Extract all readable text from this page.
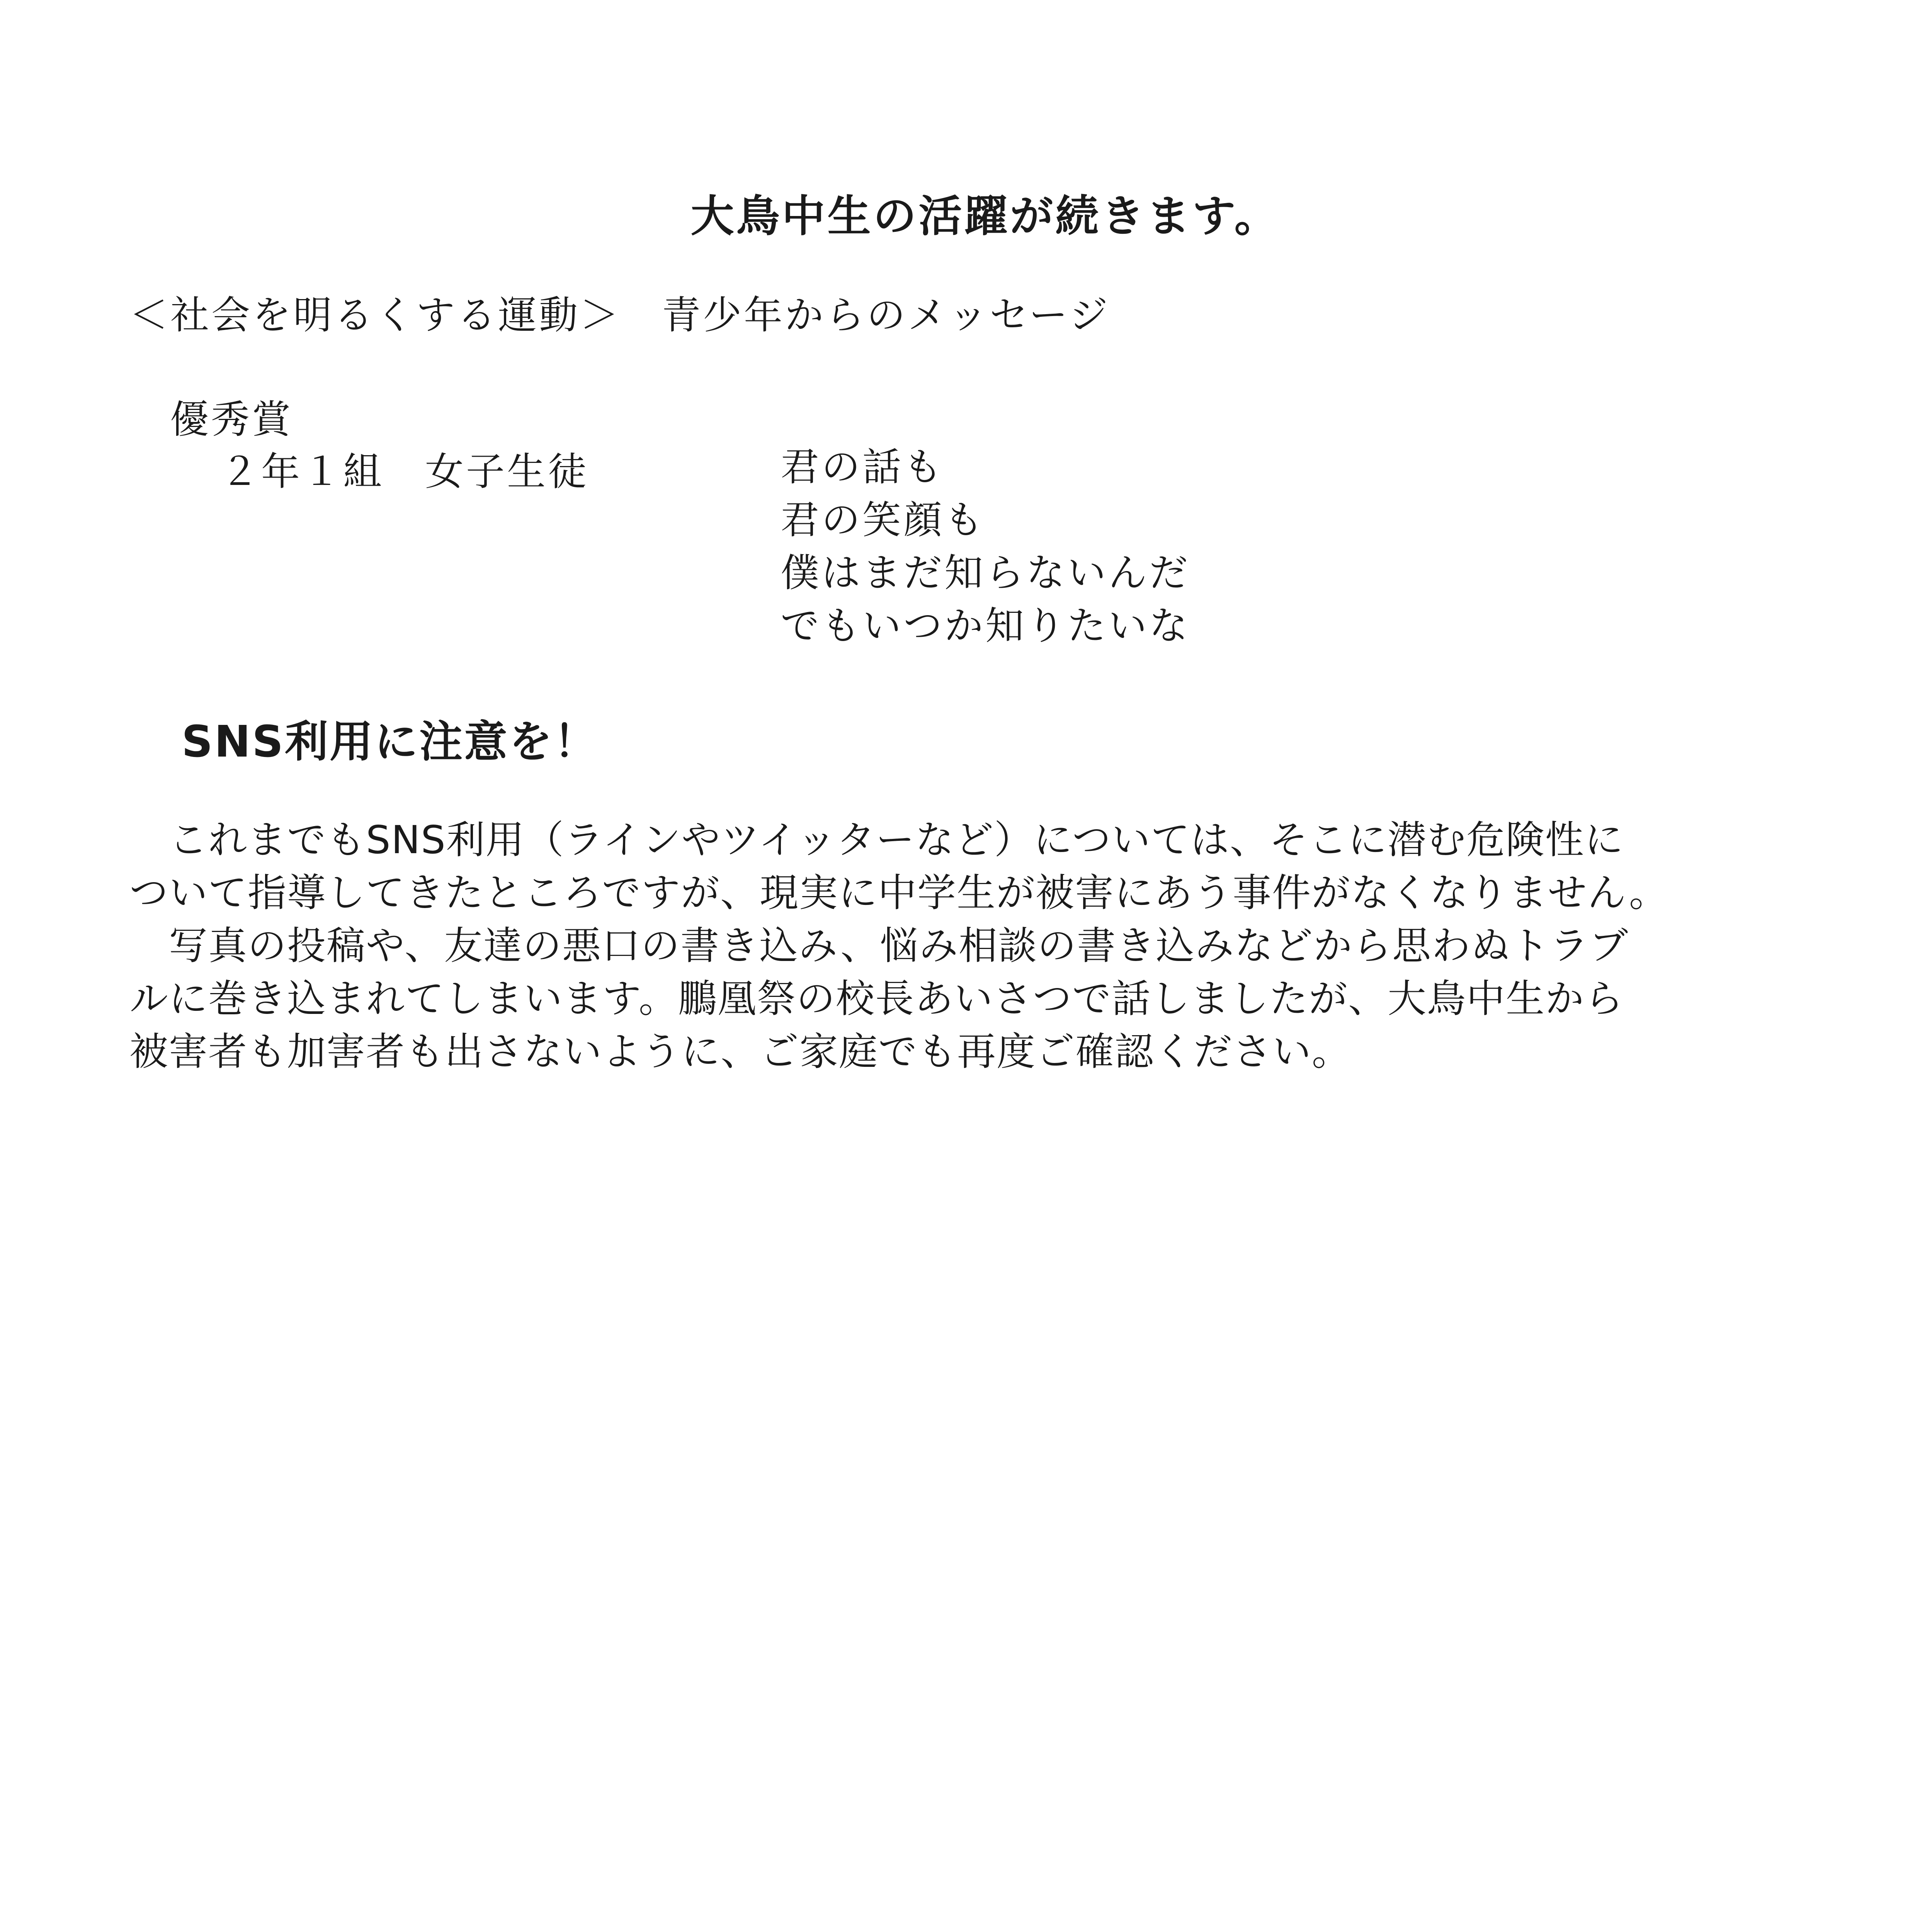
大鳥中生の活躍が続きます。
＜社会を明るくする運動＞　青少年からのメッセージ
優秀賞
２年１組　女子生徒	君の話も
君の笑顔も
僕はまだ知らないんだ
でもいつか知りたいな
SNS利用に注意を！
　これまでもSNS利用（ラインやツイッターなど）については、そこに潜む危険性に
ついて指導してきたところですが、現実に中学生が被害にあう事件がなくなりません。
　写真の投稿や、友達の悪口の書き込み、悩み相談の書き込みなどから思わぬトラブ
ルに巻き込まれてしまいます。鵬凰祭の校長あいさつで話しましたが、大鳥中生から
被害者も加害者も出さないように、ご家庭でも再度ご確認ください。
